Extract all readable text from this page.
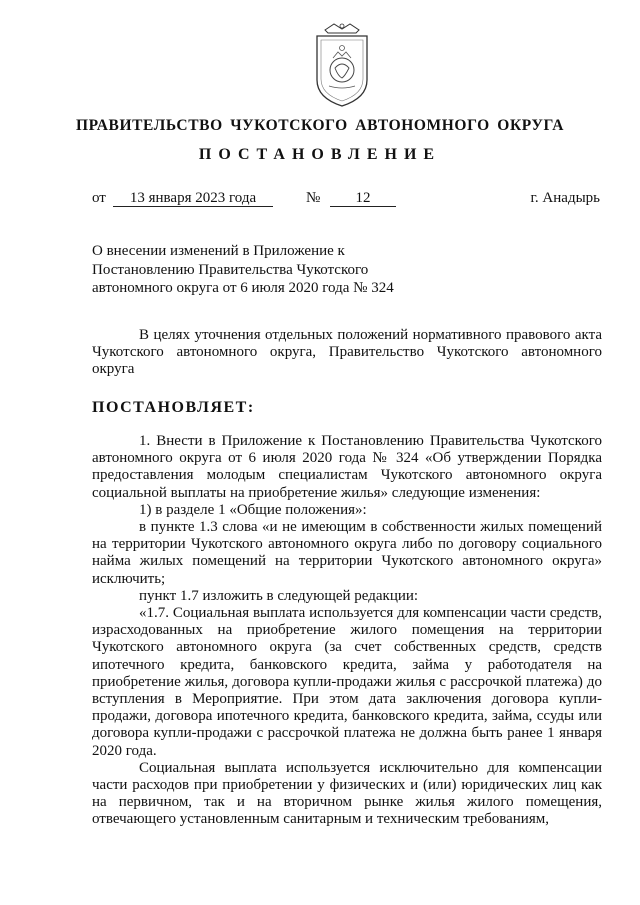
ПРАВИТЕЛЬСТВО ЧУКОТСКОГО АВТОНОМНОГО ОКРУГА
ПОСТАНОВЛЕНИЕ
от	13 января 2023 года	№	12	г. Анадырь
О внесении изменений в Приложение к
Постановлению Правительства Чукотского
автономного округа от 6 июля 2020 года № 324
В целях уточнения отдельных положений нормативного правового акта Чукотского автономного округа, Правительство Чукотского автономного округа
ПОСТАНОВЛЯЕТ:

1. Внести в Приложение к Постановлению Правительства Чукотского автономного округа от 6 июля 2020 года № 324 «Об утверждении Порядка предоставления молодым специалистам Чукотского автономного округа социальной выплаты на приобретение жилья» следующие изменения:

1) в разделе 1 «Общие положения»:

в пункте 1.3 слова «и не имеющим в собственности жилых помещений на территории Чукотского автономного округа либо по договору социального найма жилых помещений на территории Чукотского автономного округа» исключить;

пункт 1.7 изложить в следующей редакции:

«1.7. Социальная выплата используется для компенсации части средств, израсходованных на приобретение жилого помещения на территории Чукотского автономного округа (за счет собственных средств, средств ипотечного кредита, банковского кредита, займа у работодателя на приобретение жилья, договора купли-продажи жилья с рассрочкой платежа) до вступления в Мероприятие. При этом дата заключения договора купли-продажи, договора ипотечного кредита, банковского кредита, займа, ссуды или договора купли-продажи с рассрочкой платежа не должна быть ранее 1 января 2020 года.

Социальная выплата используется исключительно для компенсации части расходов при приобретении у физических и (или) юридических лиц как на первичном, так и на вторичном рынке жилья жилого помещения, отвечающего установленным санитарным и техническим требованиям,
